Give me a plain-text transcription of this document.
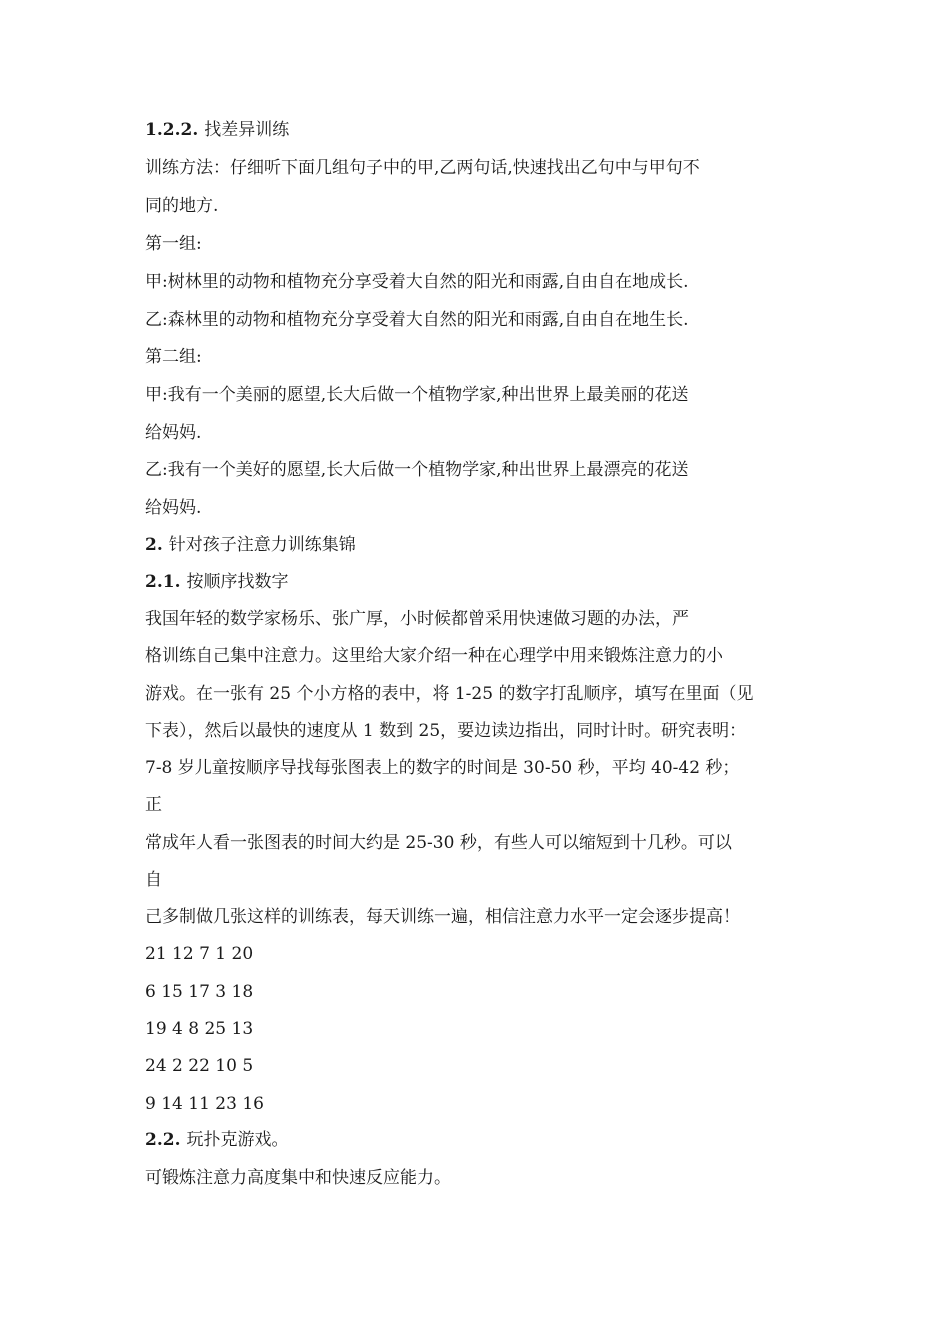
1.2.2. 找差异训练
训练方法：仔细听下面几组句子中的甲,乙两句话,快速找出乙句中与甲句不
同的地方.
第一组:
甲:树林里的动物和植物充分享受着大自然的阳光和雨露,自由自在地成长.
乙:森林里的动物和植物充分享受着大自然的阳光和雨露,自由自在地生长.
第二组:
甲:我有一个美丽的愿望,长大后做一个植物学家,种出世界上最美丽的花送
给妈妈.
乙:我有一个美好的愿望,长大后做一个植物学家,种出世界上最漂亮的花送
给妈妈.
2. 针对孩子注意力训练集锦
2.1. 按顺序找数字
我国年轻的数学家杨乐、张广厚，小时候都曾采用快速做习题的办法，严
格训练自己集中注意力。这里给大家介绍一种在心理学中用来锻炼注意力的小
游戏。在一张有 25 个小方格的表中，将 1-25 的数字打乱顺序，填写在里面（见
下表），然后以最快的速度从 1 数到 25，要边读边指出，同时计时。研究表明：
7-8 岁儿童按顺序导找每张图表上的数字的时间是 30-50 秒，平均 40-42 秒；
正
常成年人看一张图表的时间大约是 25-30 秒，有些人可以缩短到十几秒。可以
自
己多制做几张这样的训练表，每天训练一遍，相信注意力水平一定会逐步提高！
21 12 7 1 20
6 15 17 3 18
19 4 8 25 13
24 2 22 10 5
9 14 11 23 16
2.2. 玩扑克游戏。
可锻炼注意力高度集中和快速反应能力。
